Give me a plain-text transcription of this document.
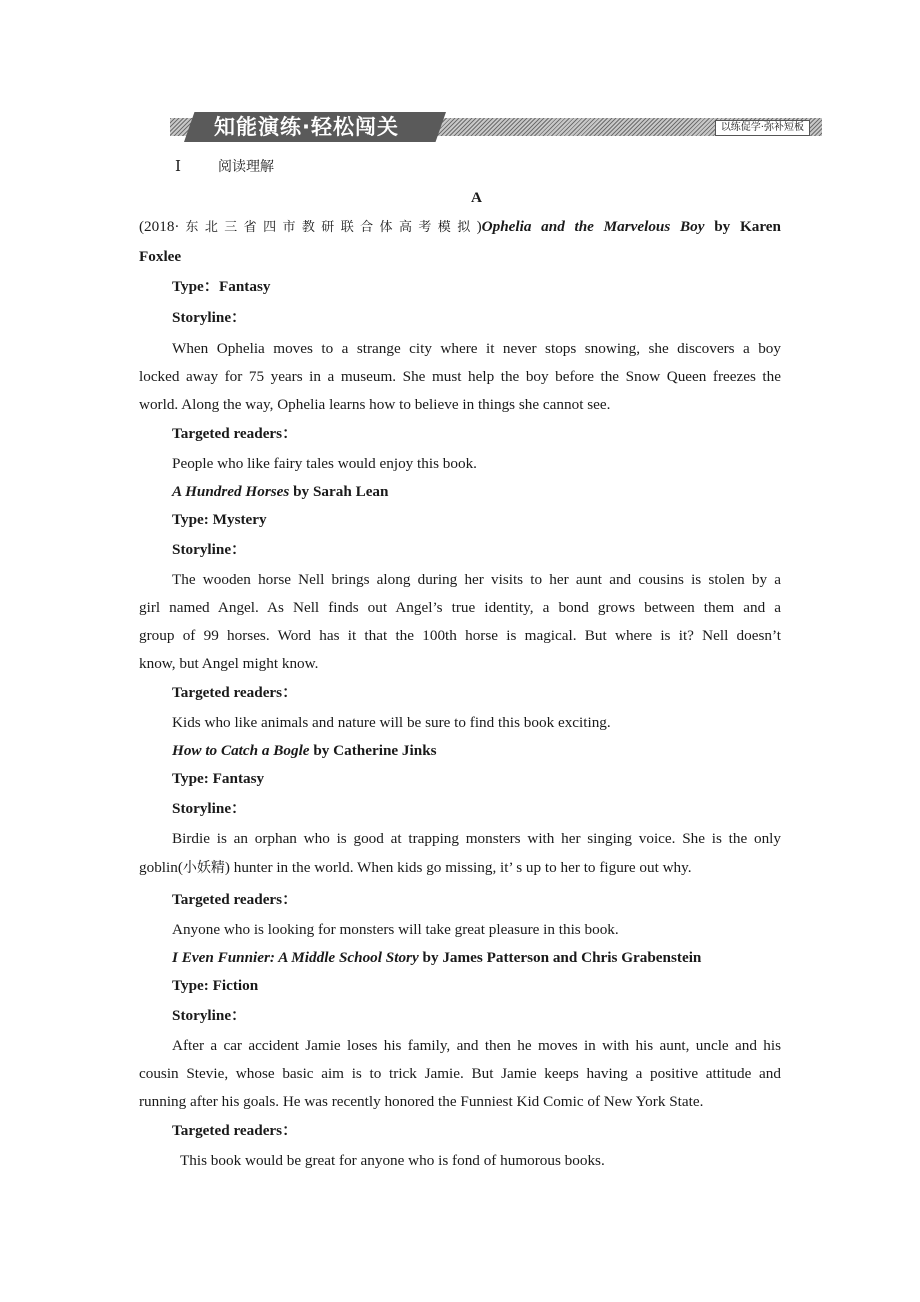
知能演练·轻松闯关	以练促学·弥补短板
Ⅰ	阅读理解
A
(2018·东北三省四市教研联合体高考模拟)Ophelia and the Marvelous Boy by Karen
Foxlee
Type：Fantasy
Storyline：
When Ophelia moves to a strange city where it never stops snowing, she discovers a boy
locked away for 75 years in a museum. She must help the boy before the Snow Queen freezes the
world. Along the way, Ophelia learns how to believe in things she cannot see.
Targeted readers：
People who like fairy tales would enjoy this book.
A Hundred Horses by Sarah Lean
Type: Mystery
Storyline：
The wooden horse Nell brings along during her visits to her aunt and cousins is stolen by a
girl named Angel. As Nell finds out Angel’s true identity, a bond grows between them and a
group of 99 horses. Word has it that the 100th horse is magical. But where is it? Nell doesn’t
know, but Angel might know.
Targeted readers：
Kids who like animals and nature will be sure to find this book exciting.
How to Catch a Bogle by Catherine Jinks
Type: Fantasy
Storyline：
Birdie is an orphan who is good at trapping monsters with her singing voice. She is the only
goblin(小妖精) hunter in the world. When kids go missing, it’ s up to her to figure out why.
Targeted readers：
Anyone who is looking for monsters will take great pleasure in this book.
I Even Funnier: A Middle School Story by James Patterson and Chris Grabenstein
Type: Fiction
Storyline：
After a car accident Jamie loses his family, and then he moves in with his aunt, uncle and his
cousin Stevie, whose basic aim is to trick Jamie. But Jamie keeps having a positive attitude and
running after his goals. He was recently honored the Funniest Kid Comic of New York State.
Targeted readers：
This book would be great for anyone who is fond of humorous books.
